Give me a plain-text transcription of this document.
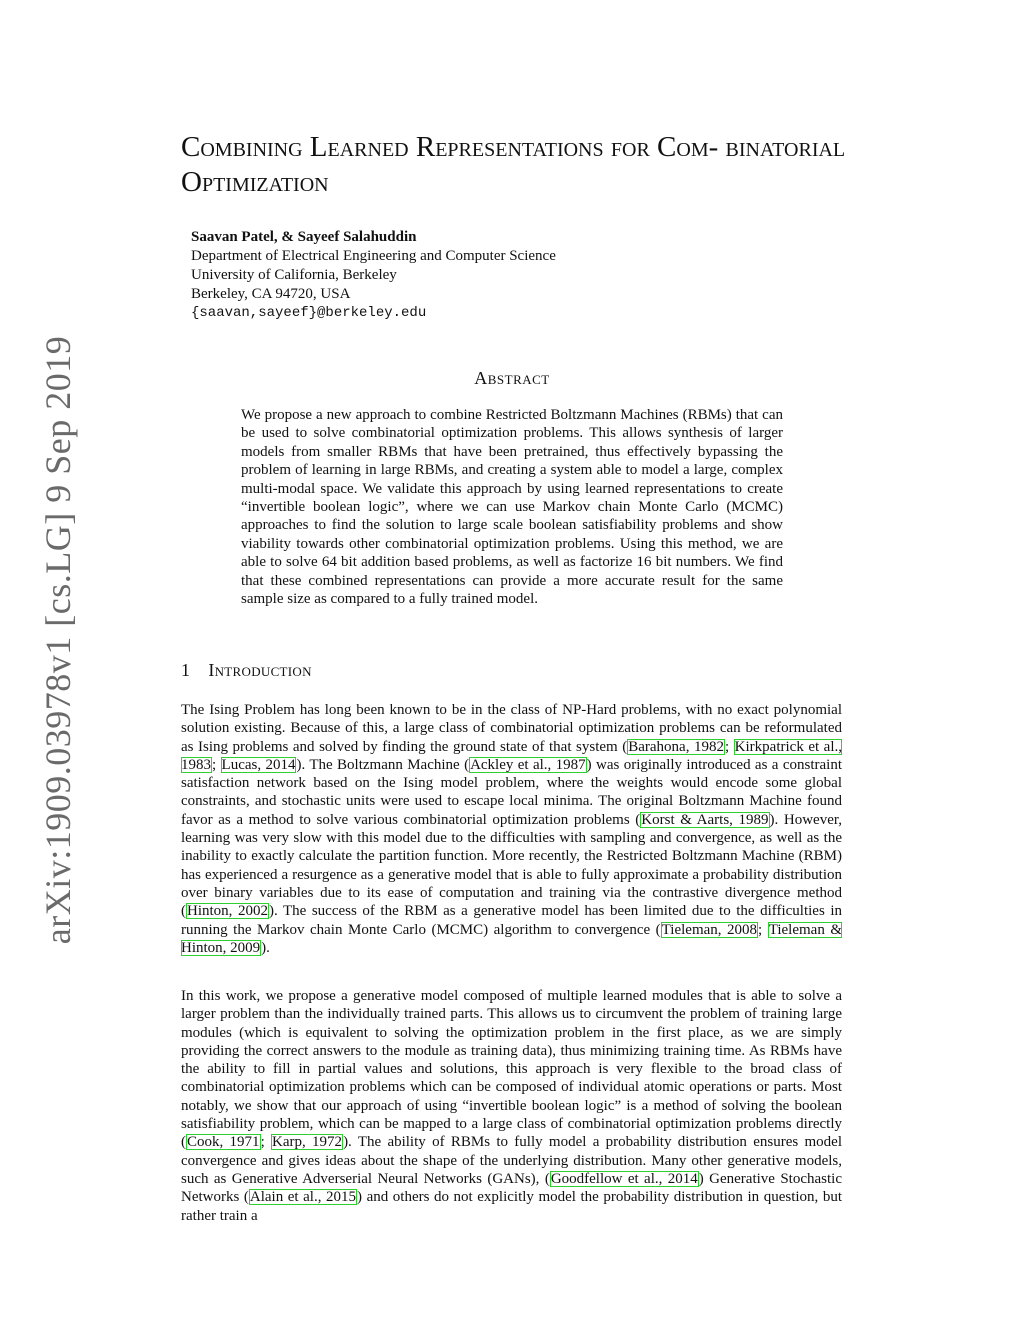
arXiv:1909.03978v1 [cs.LG] 9 Sep 2019
Combining Learned Representations for Com- binatorial Optimization
Saavan Patel, & Sayeef Salahuddin
Department of Electrical Engineering and Computer Science
University of California, Berkeley
Berkeley, CA 94720, USA
{saavan,sayeef}@berkeley.edu
Abstract

We propose a new approach to combine Restricted Boltzmann Machines (RBMs) that can be used to solve combinatorial optimization problems. This allows synthesis of larger models from smaller RBMs that have been pretrained, thus effectively bypassing the problem of learning in large RBMs, and creating a system able to model a large, complex multi-modal space. We validate this approach by using learned representations to create “invertible boolean logic”, where we can use Markov chain Monte Carlo (MCMC) approaches to find the solution to large scale boolean satisfiability problems and show viability towards other combinatorial optimization problems. Using this method, we are able to solve 64 bit addition based problems, as well as factorize 16 bit numbers. We find that these combined representations can provide a more accurate result for the same sample size as compared to a fully trained model.

1 Introduction

The Ising Problem has long been known to be in the class of NP-Hard problems, with no exact polynomial solution existing. Because of this, a large class of combinatorial optimization problems can be reformulated as Ising problems and solved by finding the ground state of that system (Barahona, 1982; Kirkpatrick et al., 1983; Lucas, 2014). The Boltzmann Machine (Ackley et al., 1987) was originally introduced as a constraint satisfaction network based on the Ising model problem, where the weights would encode some global constraints, and stochastic units were used to escape local minima. The original Boltzmann Machine found favor as a method to solve various combinatorial optimization problems (Korst & Aarts, 1989). However, learning was very slow with this model due to the difficulties with sampling and convergence, as well as the inability to exactly calculate the partition function. More recently, the Restricted Boltzmann Machine (RBM) has experienced a resurgence as a generative model that is able to fully approximate a probability distribution over binary variables due to its ease of computation and training via the contrastive divergence method (Hinton, 2002). The success of the RBM as a generative model has been limited due to the difficulties in running the Markov chain Monte Carlo (MCMC) algorithm to convergence (Tieleman, 2008; Tieleman & Hinton, 2009).

In this work, we propose a generative model composed of multiple learned modules that is able to solve a larger problem than the individually trained parts. This allows us to circumvent the problem of training large modules (which is equivalent to solving the optimization problem in the first place, as we are simply providing the correct answers to the module as training data), thus minimizing training time. As RBMs have the ability to fill in partial values and solutions, this approach is very flexible to the broad class of combinatorial optimization problems which can be composed of individual atomic operations or parts. Most notably, we show that our approach of using “invertible boolean logic” is a method of solving the boolean satisfiability problem, which can be mapped to a large class of combinatorial optimization problems directly (Cook, 1971; Karp, 1972). The ability of RBMs to fully model a probability distribution ensures model convergence and gives ideas about the shape of the underlying distribution. Many other generative models, such as Generative Adverserial Neural Networks (GANs), (Goodfellow et al., 2014) Generative Stochastic Networks (Alain et al., 2015) and others do not explicitly model the probability distribution in question, but rather train a
